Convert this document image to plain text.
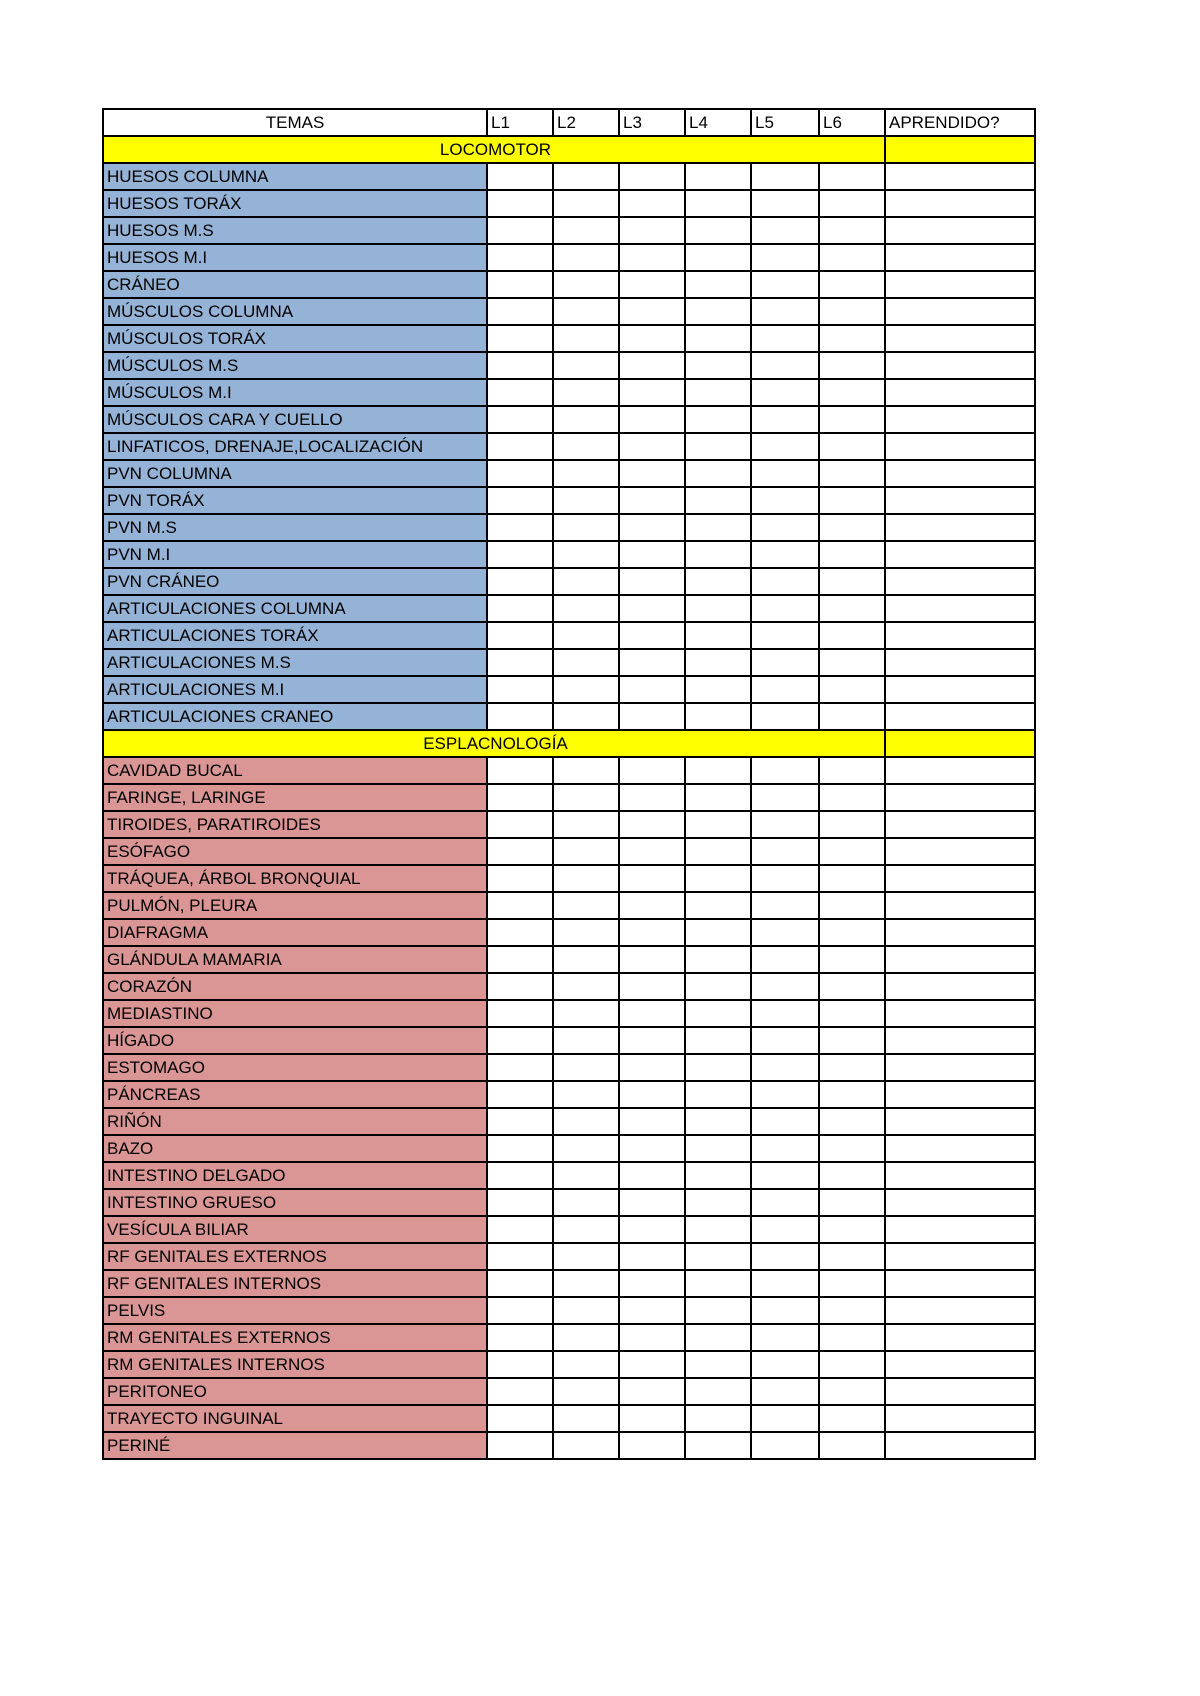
TEMAS	L1	L2	L3	L4	L5	L6	APRENDIDO?
LOCOMOTOR							
HUESOS COLUMNA							
HUESOS TORÁX							
HUESOS M.S							
HUESOS M.I							
CRÁNEO							
MÚSCULOS COLUMNA							
MÚSCULOS TORÁX							
MÚSCULOS M.S							
MÚSCULOS M.I							
MÚSCULOS CARA Y CUELLO							
LINFATICOS, DRENAJE,LOCALIZACIÓN							
PVN COLUMNA							
PVN TORÁX							
PVN M.S							
PVN M.I							
PVN CRÁNEO							
ARTICULACIONES COLUMNA							
ARTICULACIONES TORÁX							
ARTICULACIONES M.S							
ARTICULACIONES M.I							
ARTICULACIONES CRANEO							
ESPLACNOLOGÍA							
CAVIDAD BUCAL							
FARINGE, LARINGE							
TIROIDES, PARATIROIDES							
ESÓFAGO							
TRÁQUEA, ÁRBOL BRONQUIAL							
PULMÓN, PLEURA							
DIAFRAGMA							
GLÁNDULA MAMARIA							
CORAZÓN							
MEDIASTINO							
HÍGADO							
ESTOMAGO							
PÁNCREAS							
RIÑÓN							
BAZO							
INTESTINO DELGADO							
INTESTINO GRUESO							
VESÍCULA BILIAR							
RF GENITALES EXTERNOS							
RF GENITALES INTERNOS							
PELVIS							
RM GENITALES EXTERNOS							
RM GENITALES INTERNOS							
PERITONEO							
TRAYECTO INGUINAL							
PERINÉ							
